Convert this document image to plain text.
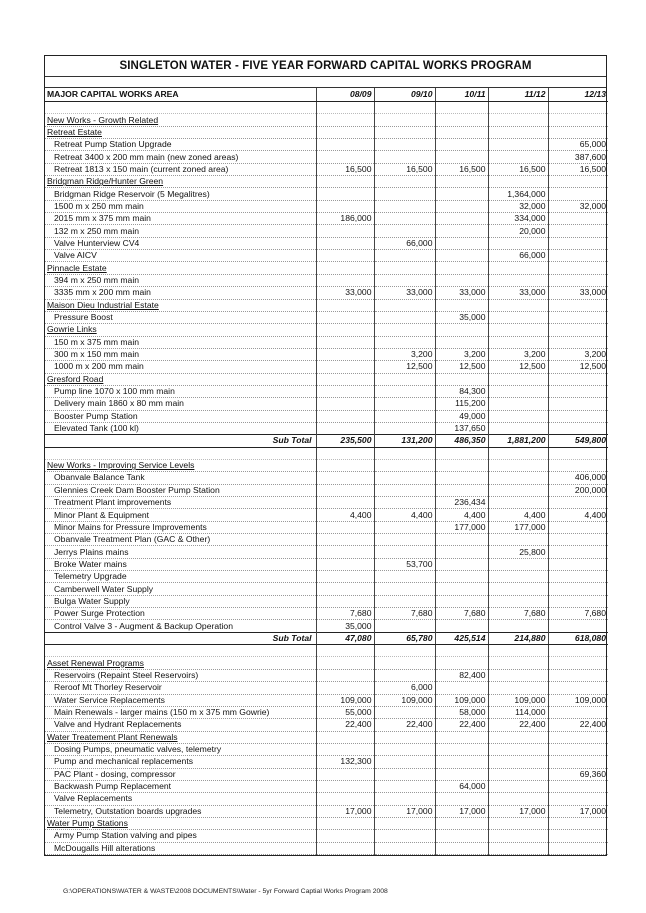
SINGLETON WATER - FIVE YEAR FORWARD CAPITAL WORKS PROGRAM
MAJOR CAPITAL WORKS AREA	08/09	09/10	10/11	11/12	12/13

New Works - Growth Related					
Retreat Estate					
Retreat Pump Station Upgrade					65,000
Retreat 3400 x 200 mm main (new zoned areas)					387,600
Retreat 1813 x 150 main (current zoned area)	16,500	16,500	16,500	16,500	16,500
Bridgman Ridge/Hunter Green					
Bridgman Ridge Reservoir (5 Megalitres)				1,364,000	
1500 m x 250 mm main				32,000	32,000
2015 mm x 375 mm main	186,000			334,000	
132 m x 250 mm main				20,000	
Valve Hunterview CV4		66,000			
Valve AICV				66,000	
Pinnacle Estate					
394 m x 250 mm main					
3335 mm x 200 mm main	33,000	33,000	33,000	33,000	33,000
Maison Dieu Industrial Estate					
Pressure Boost			35,000		
Gowrie Links					
150 m x 375 mm main					
300 m x 150 mm main		3,200	3,200	3,200	3,200
1000 m x 200 mm main		12,500	12,500	12,500	12,500
Gresford Road					
Pump line 1070 x 100 mm main			84,300		
Delivery main 1860 x 80 mm main			115,200		
Booster Pump Station			49,000		
Elevated Tank (100 kl)			137,650		
Sub Total	235,500	131,200	486,350	1,881,200	549,800

New Works - Improving Service Levels					
Obanvale Balance Tank					406,000
Glennies Creek Dam Booster Pump Station					200,000
Treatment Plant improvements			236,434		
Minor Plant & Equipment	4,400	4,400	4,400	4,400	4,400
Minor Mains for Pressure Improvements			177,000	177,000	
Obanvale Treatment Plan (GAC & Other)					
Jerrys Plains mains				25,800	
Broke Water mains		53,700			
Telemetry Upgrade					
Camberwell Water Supply					
Bulga Water Supply					
Power Surge Protection	7,680	7,680	7,680	7,680	7,680
Control Valve 3 - Augment & Backup Operation	35,000				
Sub Total	47,080	65,780	425,514	214,880	618,080

Asset Renewal Programs					
Reservoirs (Repaint Steel Reservoirs)			82,400		
Reroof Mt Thorley Reservoir		6,000			
Water Service Replacements	109,000	109,000	109,000	109,000	109,000
Main Renewals - larger mains (150 m x 375 mm Gowrie)	55,000		58,000	114,000	
Valve and Hydrant Replacements	22,400	22,400	22,400	22,400	22,400
Water Treatement Plant Renewals					
Dosing Pumps, pneumatic valves, telemetry					
Pump and mechanical replacements	132,300				
PAC Plant - dosing, compressor					69,360
Backwash Pump Replacement			64,000		
Valve Replacements					
Telemetry, Outstation boards upgrades	17,000	17,000	17,000	17,000	17,000
Water Pump Stations					
Army Pump Station valving and pipes					
McDougalls Hill alterations					
G:\OPERATIONS\WATER & WASTE\2008 DOCUMENTS\Water - 5yr Forward Captial Works Program 2008
